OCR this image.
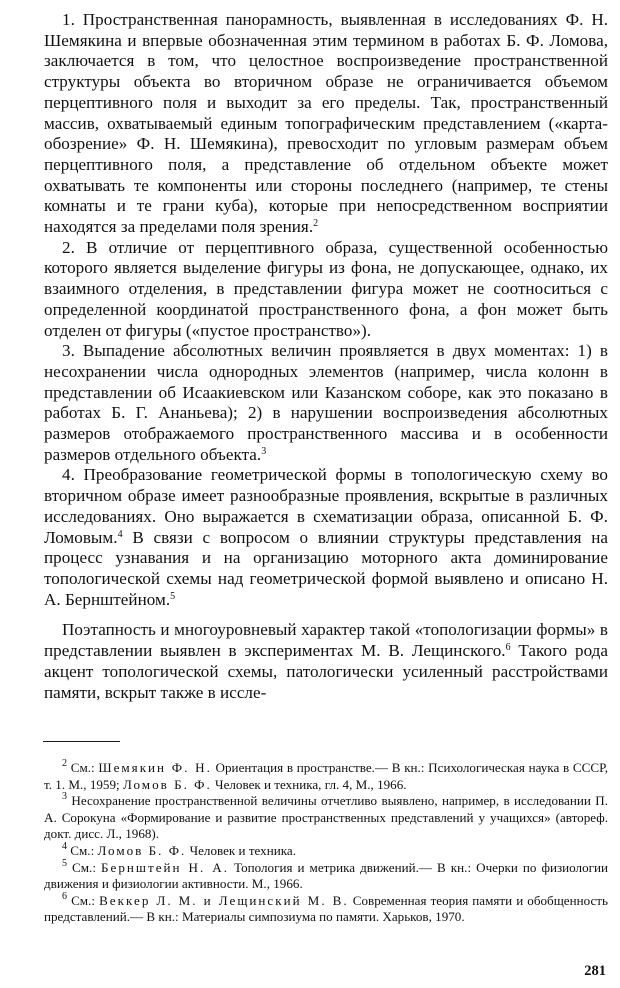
1. Пространственная панорамность, выявленная в исследованиях Ф. Н. Шемякина и впервые обозначенная этим термином в работах Б. Ф. Ломова, заключается в том, что целостное воспроизведение пространственной структуры объекта во вторичном образе не ограничивается объемом перцептивного поля и выходит за его пределы. Так, пространственный массив, охватываемый единым топографическим представлением («карта-обозрение» Ф. Н. Шемякина), превосходит по угловым размерам объем перцептивного поля, а представление об отдельном объекте может охватывать те компоненты или стороны последнего (например, те стены комнаты и те грани куба), которые при непосредственном восприятии находятся за пределами поля зрения.$^2$

2. В отличие от перцептивного образа, существенной особенностью которого является выделение фигуры из фона, не допускающее, однако, их взаимного отделения, в представлении фигура может не соотноситься с определенной координатой пространственного фона, а фон может быть отделен от фигуры («пустое пространство»).

3. Выпадение абсолютных величин проявляется в двух моментах: 1) в несохранении числа однородных элементов (например, числа колонн в представлении об Исаакиевском или Казанском соборе, как это показано в работах Б. Г. Ананьева); 2) в нарушении воспроизведения абсолютных размеров отображаемого пространственного массива и в особенности размеров отдельного объекта.$^3$

4. Преобразование геометрической формы в топологическую схему во вторичном образе имеет разнообразные проявления, вскрытые в различных исследованиях. Оно выражается в схематизации образа, описанной Б. Ф. Ломовым.$^4$ В связи с вопросом о влиянии структуры представления на процесс узнавания и на организацию моторного акта доминирование топологической схемы над геометрической формой выявлено и описано Н. А. Бернштейном.$^5$

Поэтапность и многоуровневый характер такой «топологизации формы» в представлении выявлен в экспериментах М. В. Лещинского.$^6$ Такого рода акцент топологической схемы, патологически усиленный расстройствами памяти, вскрыт также в иссле-

$^2$ См.: Шемякин Ф. Н. Ориентация в пространстве.— В кн.: Психологическая наука в СССР, т. 1. М., 1959; Ломов Б. Ф. Человек и техника, гл. 4, М., 1966.

$^3$ Несохранение пространственной величины отчетливо выявлено, например, в исследовании П. А. Сорокуна «Формирование и развитие пространственных представлений у учащихся» (автореф. докт. дисс. Л., 1968).

$^4$ См.: Ломов Б. Ф. Человек и техника.

$^5$ См.: Бернштейн Н. А. Топология и метрика движений.— В кн.: Очерки по физиологии движения и физиологии активности. М., 1966.

$^6$ См.: Веккер Л. М. и Лещинский М. В. Современная теория памяти и обобщенность представлений.— В кн.: Материалы симпозиума по памяти. Харьков, 1970.

281
